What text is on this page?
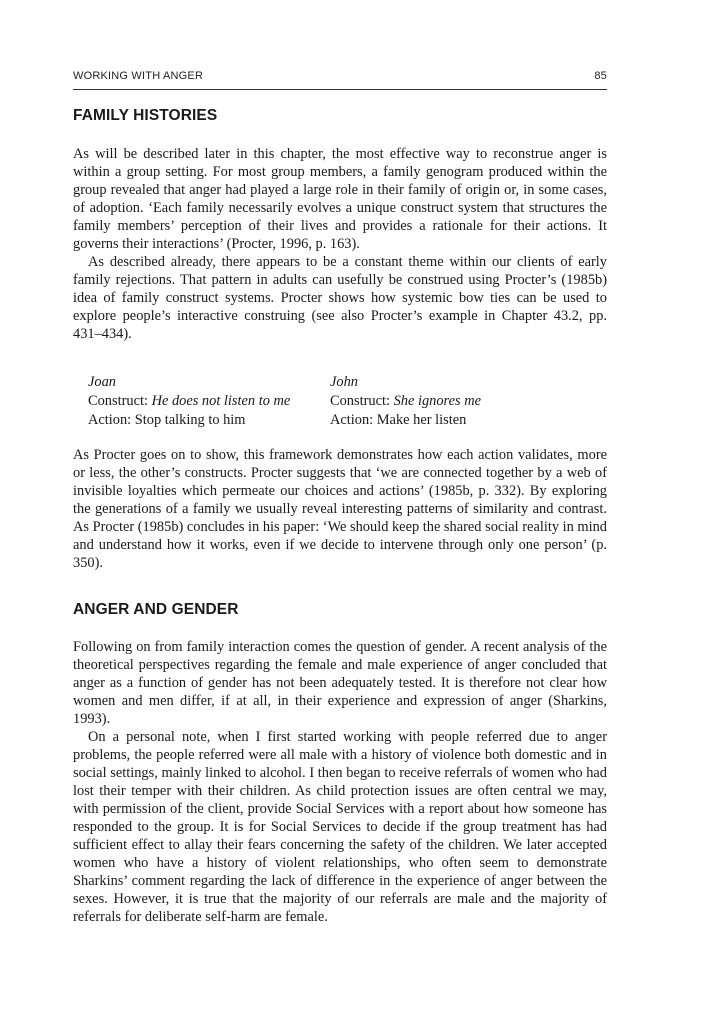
WORKING WITH ANGER	85
FAMILY HISTORIES

As will be described later in this chapter, the most effective way to reconstrue anger is within a group setting. For most group members, a family genogram produced within the group revealed that anger had played a large role in their family of origin or, in some cases, of adoption. ‘Each family necessarily evolves a unique construct system that structures the family members’ perception of their lives and provides a rationale for their actions. It governs their interactions’ (Procter, 1996, p. 163).

As described already, there appears to be a constant theme within our clients of early family rejections. That pattern in adults can usefully be construed using Procter’s (1985b) idea of family construct systems. Procter shows how systemic bow ties can be used to explore people’s interactive construing (see also Procter’s example in Chapter 43.2, pp. 431–434).

Joan
Construct: He does not listen to me
Action: Stop talking to him
John
Construct: She ignores me
Action: Make her listen

As Procter goes on to show, this framework demonstrates how each action validates, more or less, the other’s constructs. Procter suggests that ‘we are connected together by a web of invisible loyalties which permeate our choices and actions’ (1985b, p. 332). By exploring the generations of a family we usually reveal interesting patterns of similarity and contrast. As Procter (1985b) concludes in his paper: ‘We should keep the shared social reality in mind and understand how it works, even if we decide to intervene through only one person’ (p. 350).

ANGER AND GENDER

Following on from family interaction comes the question of gender. A recent analysis of the theoretical perspectives regarding the female and male experience of anger concluded that anger as a function of gender has not been adequately tested. It is therefore not clear how women and men differ, if at all, in their experience and expression of anger (Sharkins, 1993).

On a personal note, when I first started working with people referred due to anger problems, the people referred were all male with a history of violence both domestic and in social settings, mainly linked to alcohol. I then began to receive referrals of women who had lost their temper with their children. As child protection issues are often central we may, with permission of the client, provide Social Services with a report about how someone has responded to the group. It is for Social Services to decide if the group treatment has had sufficient effect to allay their fears concerning the safety of the children. We later accepted women who have a history of violent relationships, who often seem to demonstrate Sharkins’ comment regarding the lack of difference in the experience of anger between the sexes. However, it is true that the majority of our referrals are male and the majority of referrals for deliberate self-harm are female.
